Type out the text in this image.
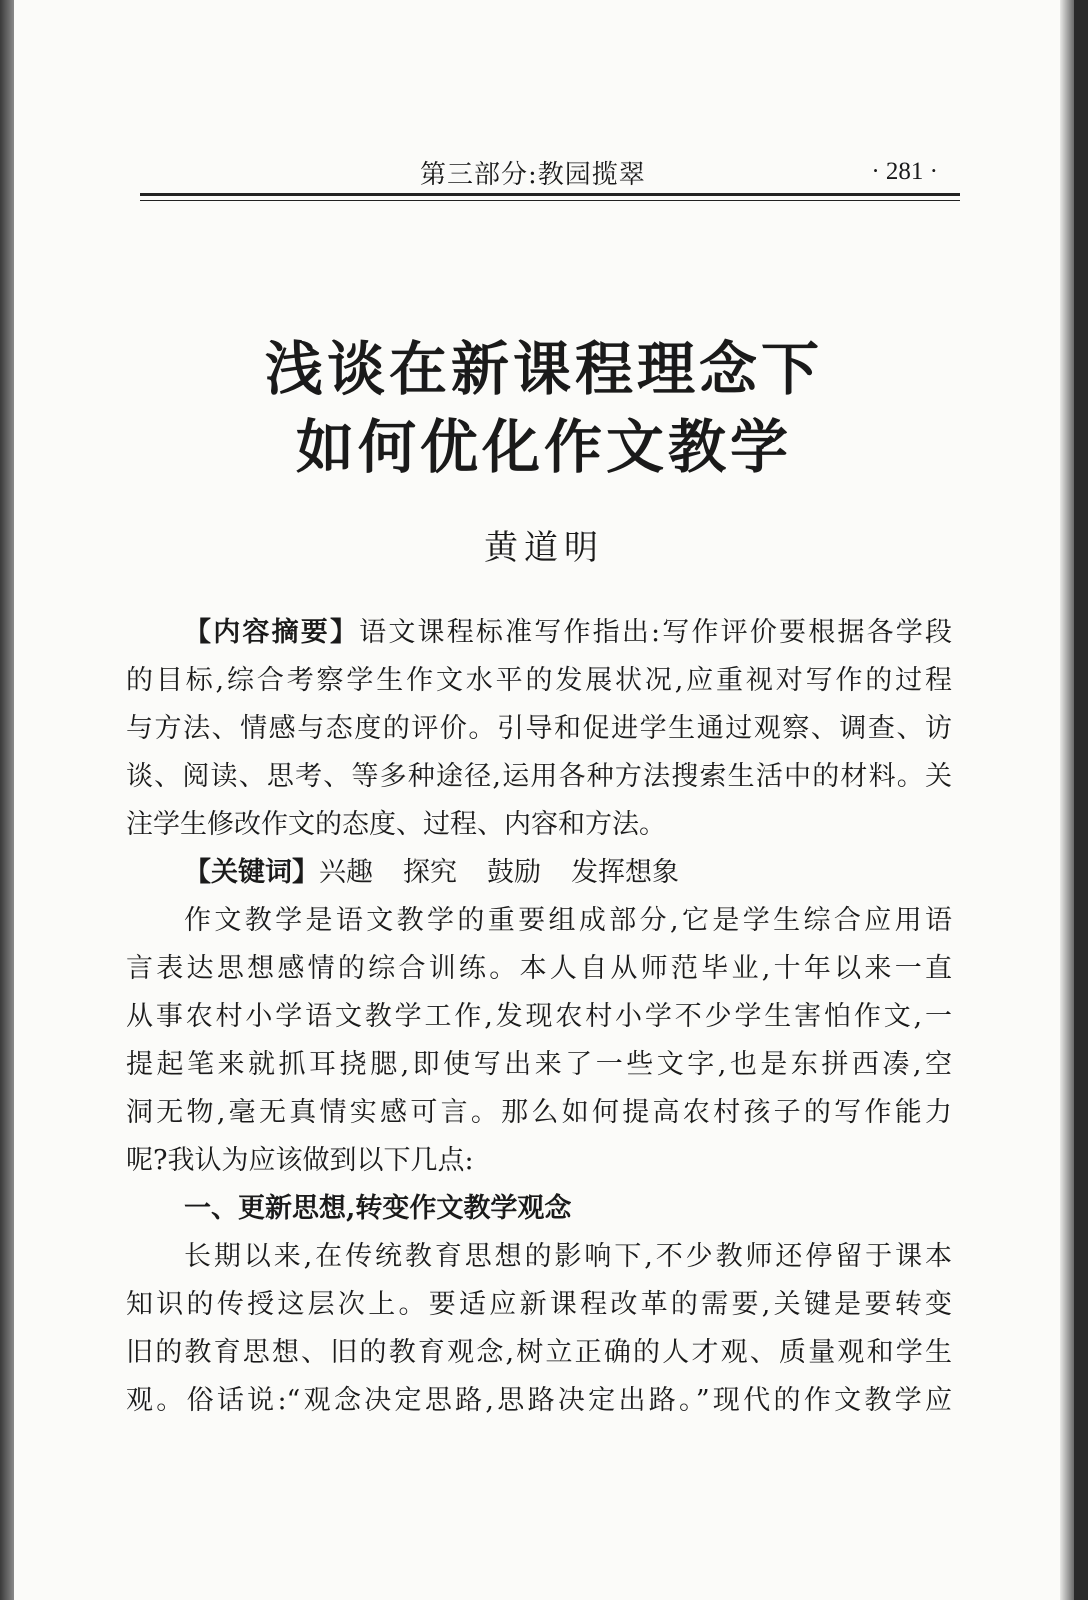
第三部分:教园揽翠	· 281 ·
浅谈在新课程理念下
如何优化作文教学
黄道明
【内容摘要】语文课程标准写作指出:写作评价要根据各学段
的目标,综合考察学生作文水平的发展状况,应重视对写作的过程
与方法、情感与态度的评价。引导和促进学生通过观察、调查、访
谈、阅读、思考、等多种途径,运用各种方法搜索生活中的材料。关
注学生修改作文的态度、过程、内容和方法。
【关键词】兴趣 探究 鼓励 发挥想象
作文教学是语文教学的重要组成部分,它是学生综合应用语
言表达思想感情的综合训练。本人自从师范毕业,十年以来一直
从事农村小学语文教学工作,发现农村小学不少学生害怕作文,一
提起笔来就抓耳挠腮,即使写出来了一些文字,也是东拼西凑,空
洞无物,毫无真情实感可言。那么如何提高农村孩子的写作能力
呢?我认为应该做到以下几点:
一、更新思想,转变作文教学观念
长期以来,在传统教育思想的影响下,不少教师还停留于课本
知识的传授这层次上。要适应新课程改革的需要,关键是要转变
旧的教育思想、旧的教育观念,树立正确的人才观、质量观和学生
观。俗话说:“观念决定思路,思路决定出路。”现代的作文教学应
